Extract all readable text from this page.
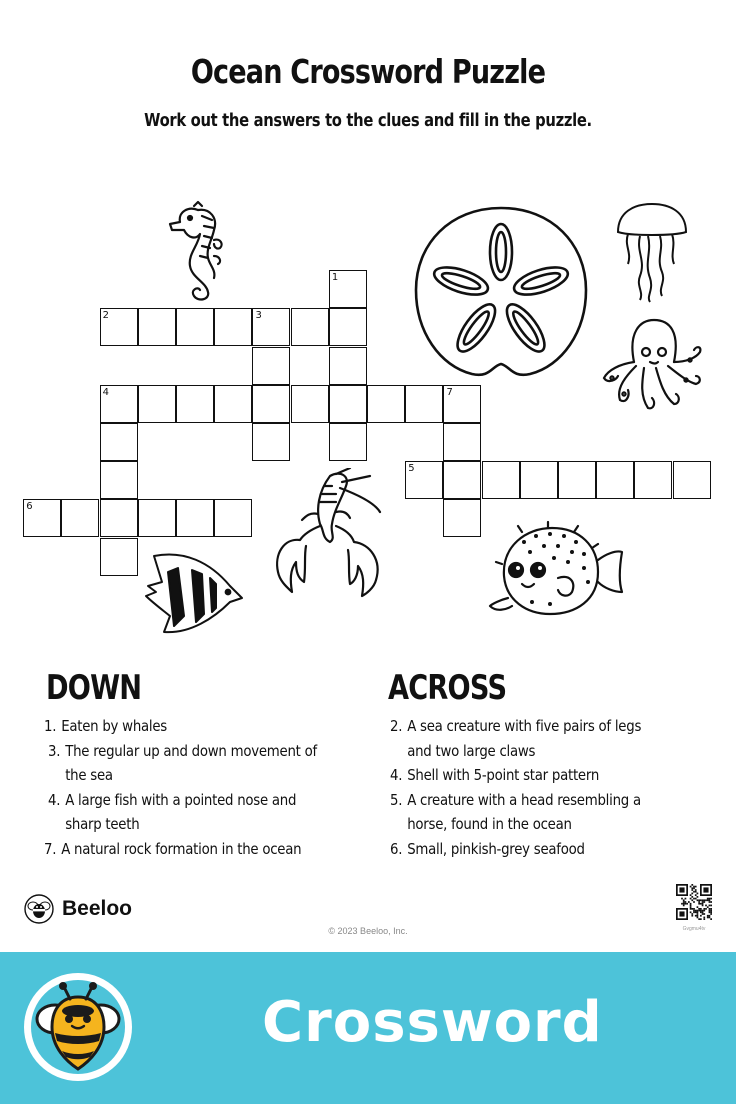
Ocean Crossword Puzzle
Work out the answers to the clues and fill in the puzzle.
2	3
1
4	7
5
6
DOWN	ACROSS
1. Eaten by whales
3. The regular up and down movement of the sea
4. A large fish with a pointed nose and sharp teeth
7. A natural rock formation in the ocean
2. A sea creature with five pairs of legs and two large claws
4. Shell with 5-point star pattern
5. A creature with a head resembling a horse, found in the ocean
6. Small, pinkish-grey seafood
Beeloo
© 2023 Beeloo, Inc.	Gvgmu4tv
Crossword
